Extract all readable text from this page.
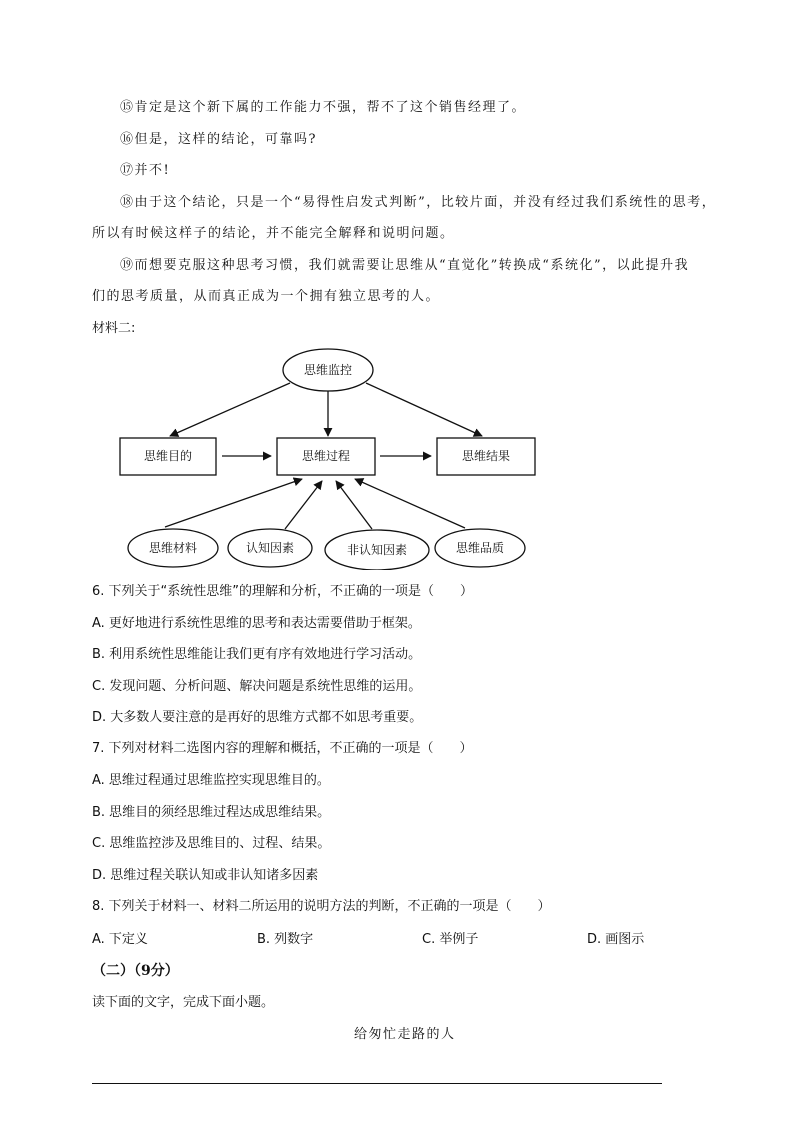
⑮肯定是这个新下属的工作能力不强，帮不了这个销售经理了。
⑯但是，这样的结论，可靠吗?
⑰并不!
⑱由于这个结论，只是一个“易得性启发式判断”，比较片面，并没有经过我们系统性的思考，
所以有时候这样子的结论，并不能完全解释和说明问题。
⑲而想要克服这种思考习惯，我们就需要让思维从“直觉化”转换成“系统化”，以此提升我
们的思考质量，从而真正成为一个拥有独立思考的人。
材料二:
思维监控
思维目的	思维过程	思维结果
思维材料	认知因素	非认知因素	思维品质
6. 下列关于“系统性思维”的理解和分析，不正确的一项是（　　）
A. 更好地进行系统性思维的思考和表达需要借助于框架。
B. 利用系统性思维能让我们更有序有效地进行学习活动。
C. 发现问题、分析问题、解决问题是系统性思维的运用。
D. 大多数人要注意的是再好的思维方式都不如思考重要。
7. 下列对材料二选图内容的理解和概括，不正确的一项是（　　）
A. 思维过程通过思维监控实现思维目的。
B. 思维目的须经思维过程达成思维结果。
C. 思维监控涉及思维目的、过程、结果。
D. 思维过程关联认知或非认知诸多因素
8. 下列关于材料一、材料二所运用的说明方法的判断，不正确的一项是（　　）
A. 下定义	B. 列数字	C. 举例子	D. 画图示
（二）（9分）
读下面的文字，完成下面小题。
给匆忙走路的人
